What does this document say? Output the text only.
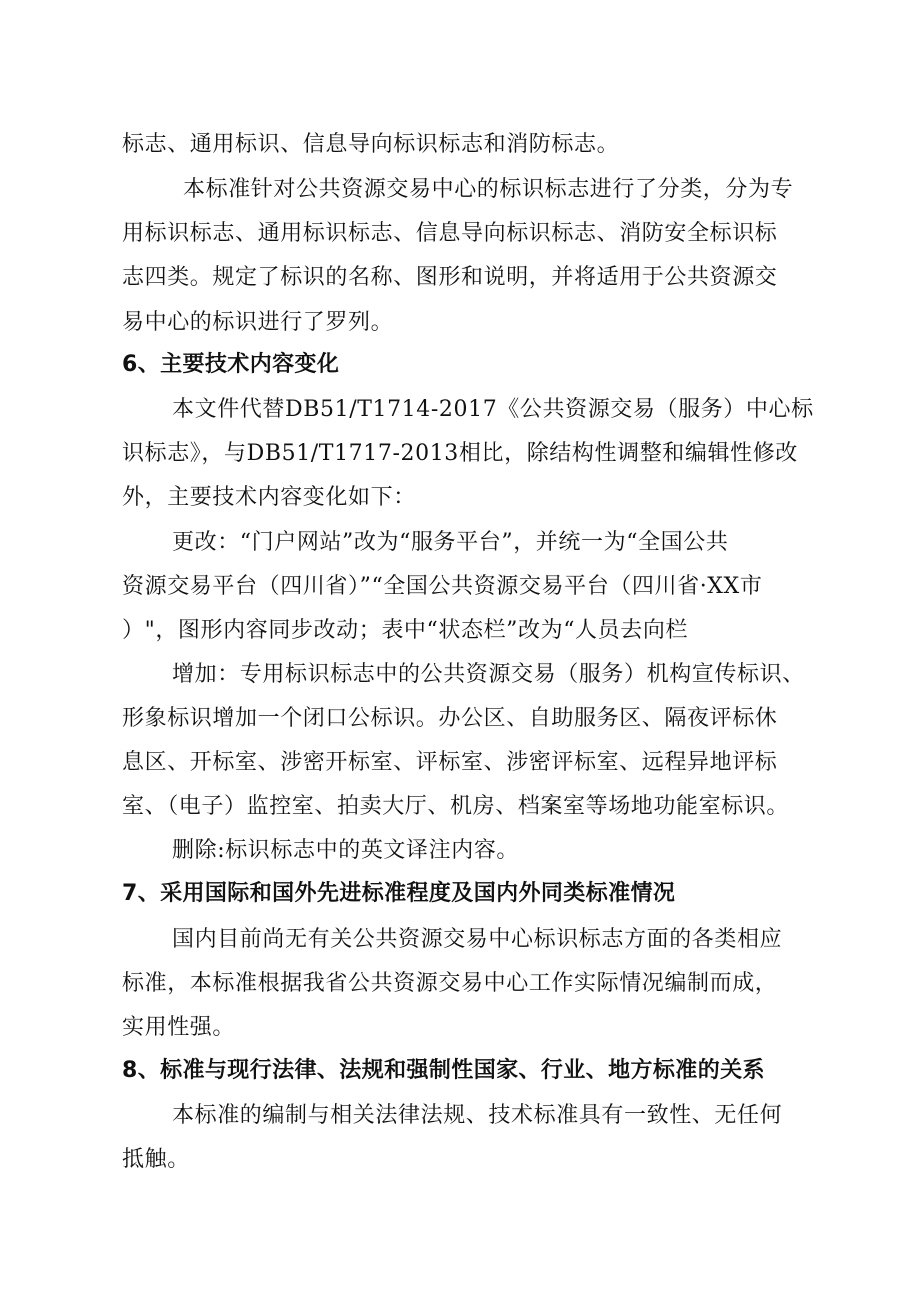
标志、通用标识、信息导向标识标志和消防标志。
本标准针对公共资源交易中心的标识标志进行了分类，分为专
用标识标志、通用标识标志、信息导向标识标志、消防安全标识标
志四类。规定了标识的名称、图形和说明，并将适用于公共资源交
易中心的标识进行了罗列。
6、主要技术内容变化
本文件代替DB51/T1714-2017《公共资源交易（服务）中心标
识标志》，与DB51/T1717-2013相比，除结构性调整和编辑性修改
外，主要技术内容变化如下：
更改：“门户网站”改为“服务平台”，并统一为“全国公共
资源交易平台（四川省）”“全国公共资源交易平台（四川省·XX市
）"，图形内容同步改动；表中“状态栏”改为“人员去向栏
增加：专用标识标志中的公共资源交易（服务）机构宣传标识、
形象标识增加一个闭口公标识。办公区、自助服务区、隔夜评标休
息区、开标室、涉密开标室、评标室、涉密评标室、远程异地评标
室、（电子）监控室、拍卖大厅、机房、档案室等场地功能室标识。
删除:标识标志中的英文译注内容。
7、采用国际和国外先进标准程度及国内外同类标准情况
国内目前尚无有关公共资源交易中心标识标志方面的各类相应
标准，本标准根据我省公共资源交易中心工作实际情况编制而成，
实用性强。
8、标准与现行法律、法规和强制性国家、行业、地方标准的关系
本标准的编制与相关法律法规、技术标准具有一致性、无任何
抵触。
